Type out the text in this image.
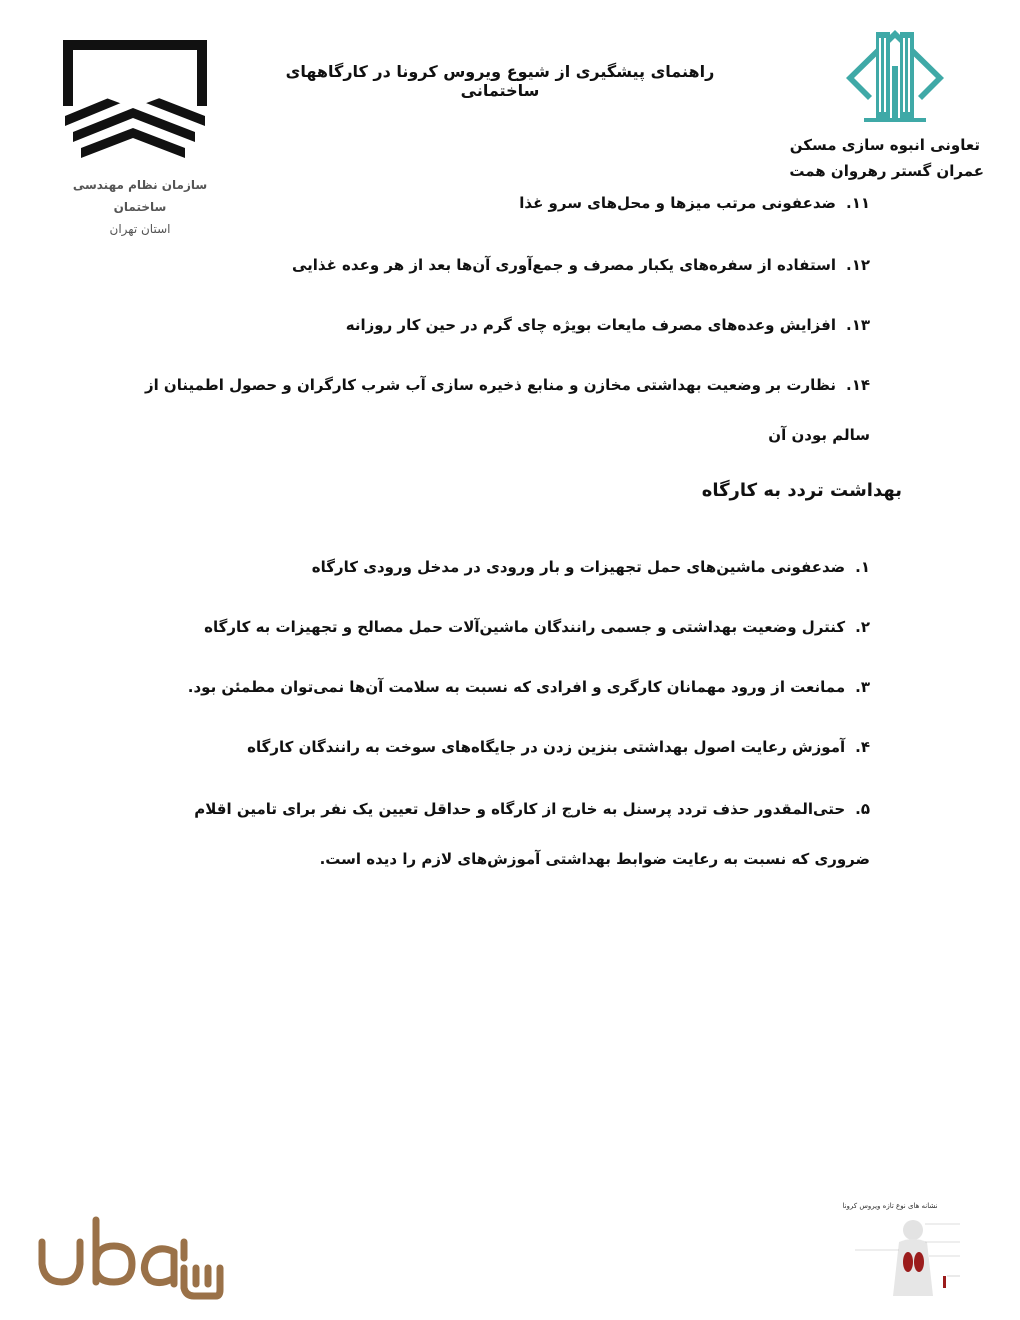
سازمان نظام مهندسی ساختمان
استان تهران
راهنمای پیشگیری از شیوع ویروس کرونا در کارگاههای ساختمانی
تعاونی انبوه سازی مسکن
عمران گستر رهروان همت
۱۱.ضدعفونی مرتب میزها و محل‌های سرو غذا
۱۲.استفاده از سفره‌های یکبار مصرف و جمع‌آوری آن‌ها بعد از هر وعده غذایی
۱۳.افزایش وعده‌های مصرف مایعات بویژه چای گرم در حین کار روزانه
۱۴.نظارت بر وضعیت بهداشتی مخازن و منابع ذخیره سازی آب شرب کارگران و حصول اطمینان از سالم بودن آن
بهداشت تردد به کارگاه
۱.ضدعفونی ماشین‌های حمل تجهیزات و بار ورودی در مدخل ورودی کارگاه
۲.کنترل وضعیت بهداشتی و جسمی رانندگان ماشین‌آلات حمل مصالح و تجهیزات به کارگاه
۳.ممانعت از ورود مهمانان کارگری و افرادی که نسبت به سلامت آن‌ها نمی‌توان مطمئن بود.
۴.آموزش رعایت اصول بهداشتی بنزین زدن در جایگاه‌های سوخت به رانندگان کارگاه
۵.حتی‌المقدور حذف تردد پرسنل به خارج از کارگاه و حداقل تعیین یک نفر برای تامین اقلام ضروری که نسبت به رعایت ضوابط بهداشتی آموزش‌های لازم را دیده است.
نشانه های نوع تازه ویروس کرونا
